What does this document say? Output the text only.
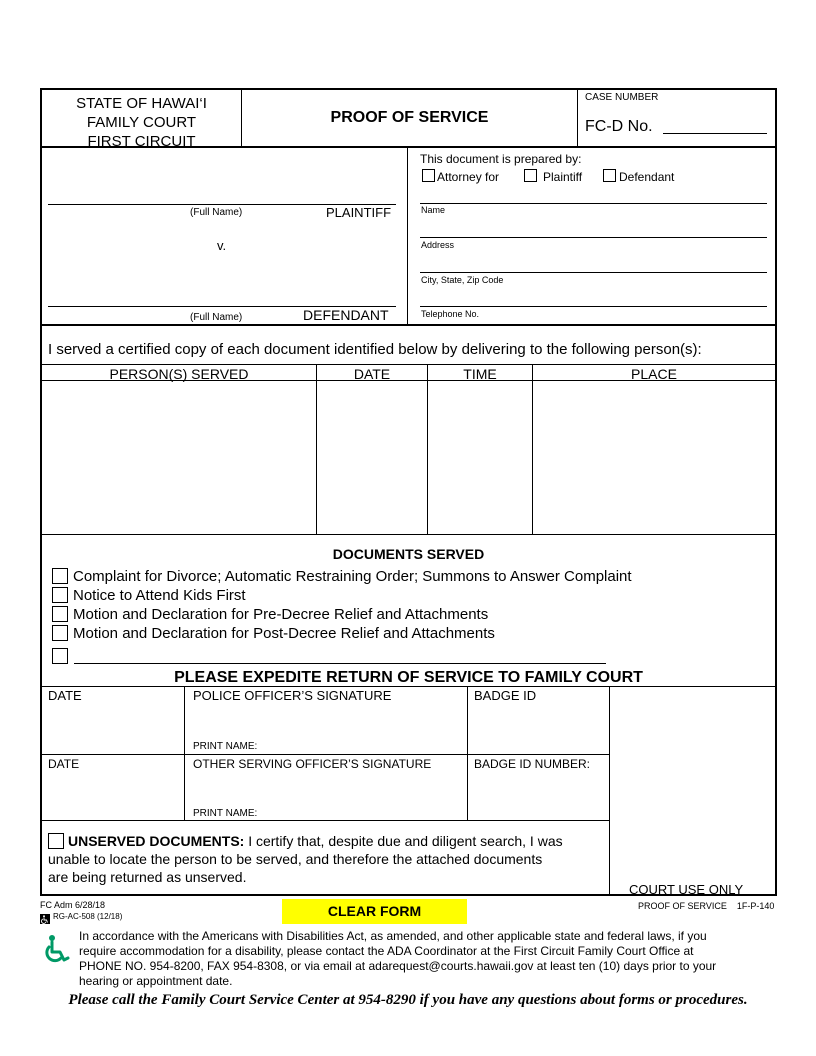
STATE OF HAWAI‘I
FAMILY COURT
FIRST CIRCUIT
PROOF OF SERVICE
CASE NUMBER
FC-D No.
(Full Name)	PLAINTIFF
v.
(Full Name)	DEFENDANT
This document is prepared by:
Attorney for	Plaintiff	Defendant
Name
Address
City, State, Zip Code
Telephone No.
I served a certified copy of each document identified below by delivering to the following person(s):
PERSON(S) SERVED	DATE	TIME	PLACE
DOCUMENTS SERVED
Complaint for Divorce; Automatic Restraining Order; Summons to Answer Complaint
Notice to Attend Kids First
Motion and Declaration for Pre-Decree Relief and Attachments
Motion and Declaration for Post-Decree Relief and Attachments
PLEASE EXPEDITE RETURN OF SERVICE TO FAMILY COURT
DATE	POLICE OFFICER’S SIGNATURE	BADGE ID
PRINT NAME:
DATE	OTHER SERVING OFFICER’S SIGNATURE	BADGE ID NUMBER:
PRINT NAME:
UNSERVED DOCUMENTS: I certify that, despite due and diligent search, I was
unable to locate the person to be served, and therefore the attached documents
are being returned as unserved.
COURT USE ONLY
FC Adm 6/28/18
RG-AC-508 (12/18)	CLEAR FORM	PROOF OF SERVICE    1F-P-140
In accordance with the Americans with Disabilities Act, as amended, and other applicable state and federal laws, if you
require accommodation for a disability, please contact the ADA Coordinator at the First Circuit Family Court Office at
PHONE NO. 954-8200, FAX 954-8308, or via email at adarequest@courts.hawaii.gov at least ten (10) days prior to your
hearing or appointment date.
Please call the Family Court Service Center at 954-8290 if you have any questions about forms or procedures.
